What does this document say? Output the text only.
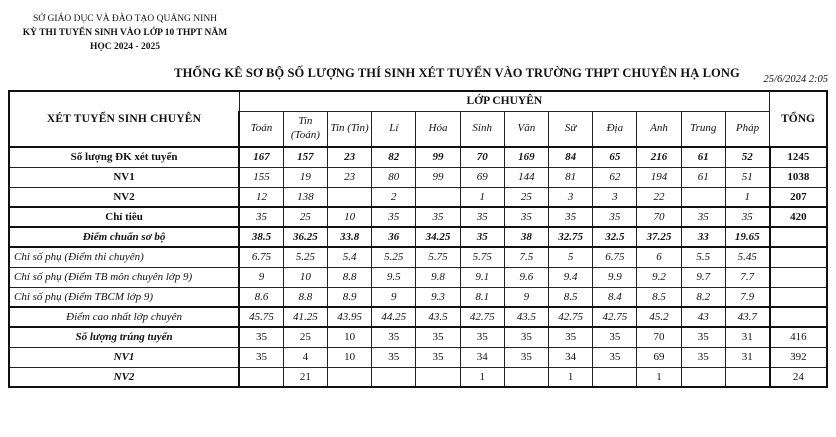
SỞ GIÁO DỤC VÀ ĐÀO TẠO QUẢNG NINH
KỲ THI TUYỂN SINH VÀO LỚP 10 THPT NĂM
HỌC 2024 - 2025
THỐNG KÊ SƠ BỘ SỐ LƯỢNG THÍ SINH XÉT TUYỂN VÀO TRƯỜNG THPT CHUYÊN HẠ LONG	25/6/2024 2:05
XÉT TUYỂN SINH CHUYÊN	LỚP CHUYÊN												TỔNG
	Toán	Tin (Toán)	Tin (Tin)	Lí	Hóa	Sinh	Văn	Sử	Địa	Anh	Trung	Pháp	
Số lượng ĐK xét tuyển	167	157	23	82	99	70	169	84	65	216	61	52	1245
NV1	155	19	23	80	99	69	144	81	62	194	61	51	1038
NV2	12	138		2		1	25	3	3	22		1	207
Chỉ tiêu	35	25	10	35	35	35	35	35	35	70	35	35	420
Điểm chuẩn sơ bộ	38.5	36.25	33.8	36	34.25	35	38	32.75	32.5	37.25	33	19.65	
Chỉ số phụ (Điểm thi chuyên)	6.75	5.25	5.4	5.25	5.75	5.75	7.5	5	6.75	6	5.5	5.45	
Chỉ số phụ (Điểm TB môn chuyên lớp 9)	9	10	8.8	9.5	9.8	9.1	9.6	9.4	9.9	9.2	9.7	7.7	
Chỉ số phụ (Điểm TBCM lớp 9)	8.6	8.8	8.9	9	9.3	8.1	9	8.5	8.4	8.5	8.2	7.9	
Điểm cao nhất lớp chuyên	45.75	41.25	43.95	44.25	43.5	42.75	43.5	42.75	42.75	45.2	43	43.7	
Số lượng trúng tuyển	35	25	10	35	35	35	35	35	35	70	35	31	416
NV1	35	4	10	35	35	34	35	34	35	69	35	31	392
NV2		21				1		1		1			24
